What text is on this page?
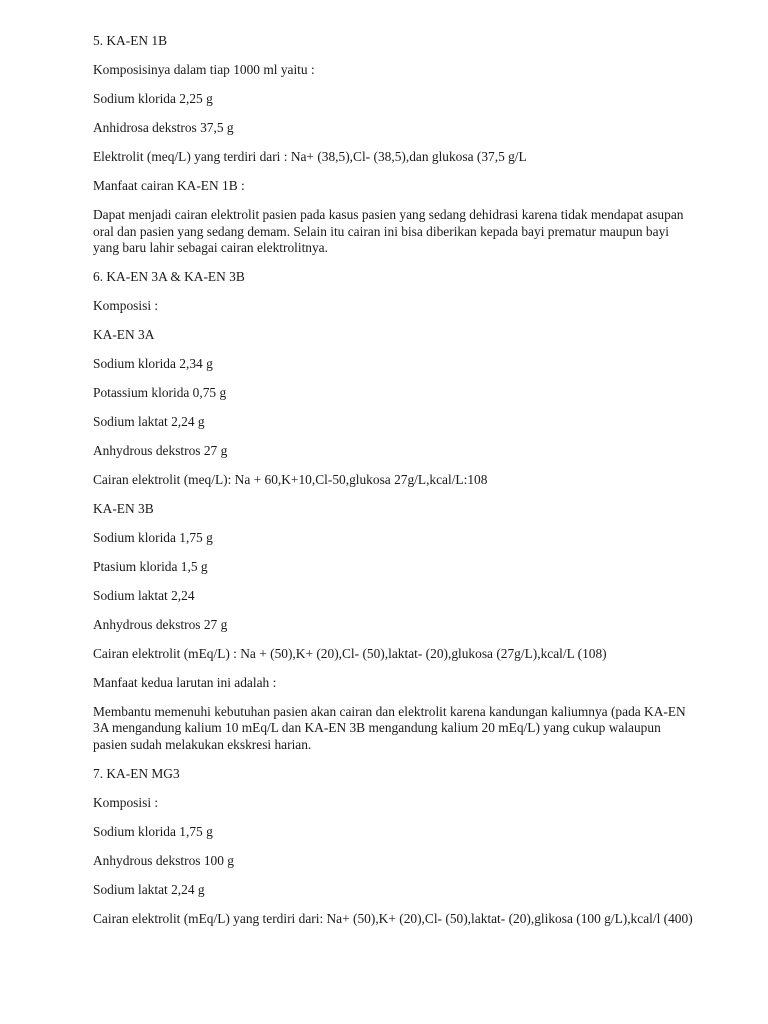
5. KA-EN 1B

Komposisinya dalam tiap 1000 ml yaitu :

Sodium klorida 2,25 g

Anhidrosa dekstros 37,5 g

Elektrolit (meq/L) yang terdiri dari : Na+ (38,5),Cl- (38,5),dan glukosa (37,5 g/L

Manfaat cairan KA-EN 1B :

Dapat menjadi cairan elektrolit pasien pada kasus pasien yang sedang dehidrasi karena tidak mendapat asupan oral dan pasien yang sedang demam. Selain itu cairan ini bisa diberikan kepada bayi prematur maupun bayi yang baru lahir sebagai cairan elektrolitnya.

6. KA-EN 3A & KA-EN 3B

Komposisi :

KA-EN 3A

Sodium klorida 2,34 g

Potassium klorida 0,75 g

Sodium laktat 2,24 g

Anhydrous dekstros 27 g

Cairan elektrolit (meq/L): Na + 60,K+10,Cl-50,glukosa 27g/L,kcal/L:108

KA-EN 3B

Sodium klorida 1,75 g

Ptasium klorida 1,5 g

Sodium laktat 2,24

Anhydrous dekstros 27 g

Cairan elektrolit (mEq/L) : Na + (50),K+ (20),Cl- (50),laktat- (20),glukosa (27g/L),kcal/L (108)

Manfaat kedua larutan ini adalah :

Membantu memenuhi kebutuhan pasien akan cairan dan elektrolit karena kandungan kaliumnya (pada KA-EN 3A mengandung kalium 10 mEq/L dan KA-EN 3B mengandung kalium 20 mEq/L) yang cukup walaupun pasien sudah melakukan ekskresi harian.

7. KA-EN MG3

Komposisi :

Sodium klorida 1,75 g

Anhydrous dekstros 100 g

Sodium laktat 2,24 g

Cairan elektrolit (mEq/L) yang terdiri dari: Na+ (50),K+ (20),Cl- (50),laktat- (20),glikosa (100 g/L),kcal/l (400)
